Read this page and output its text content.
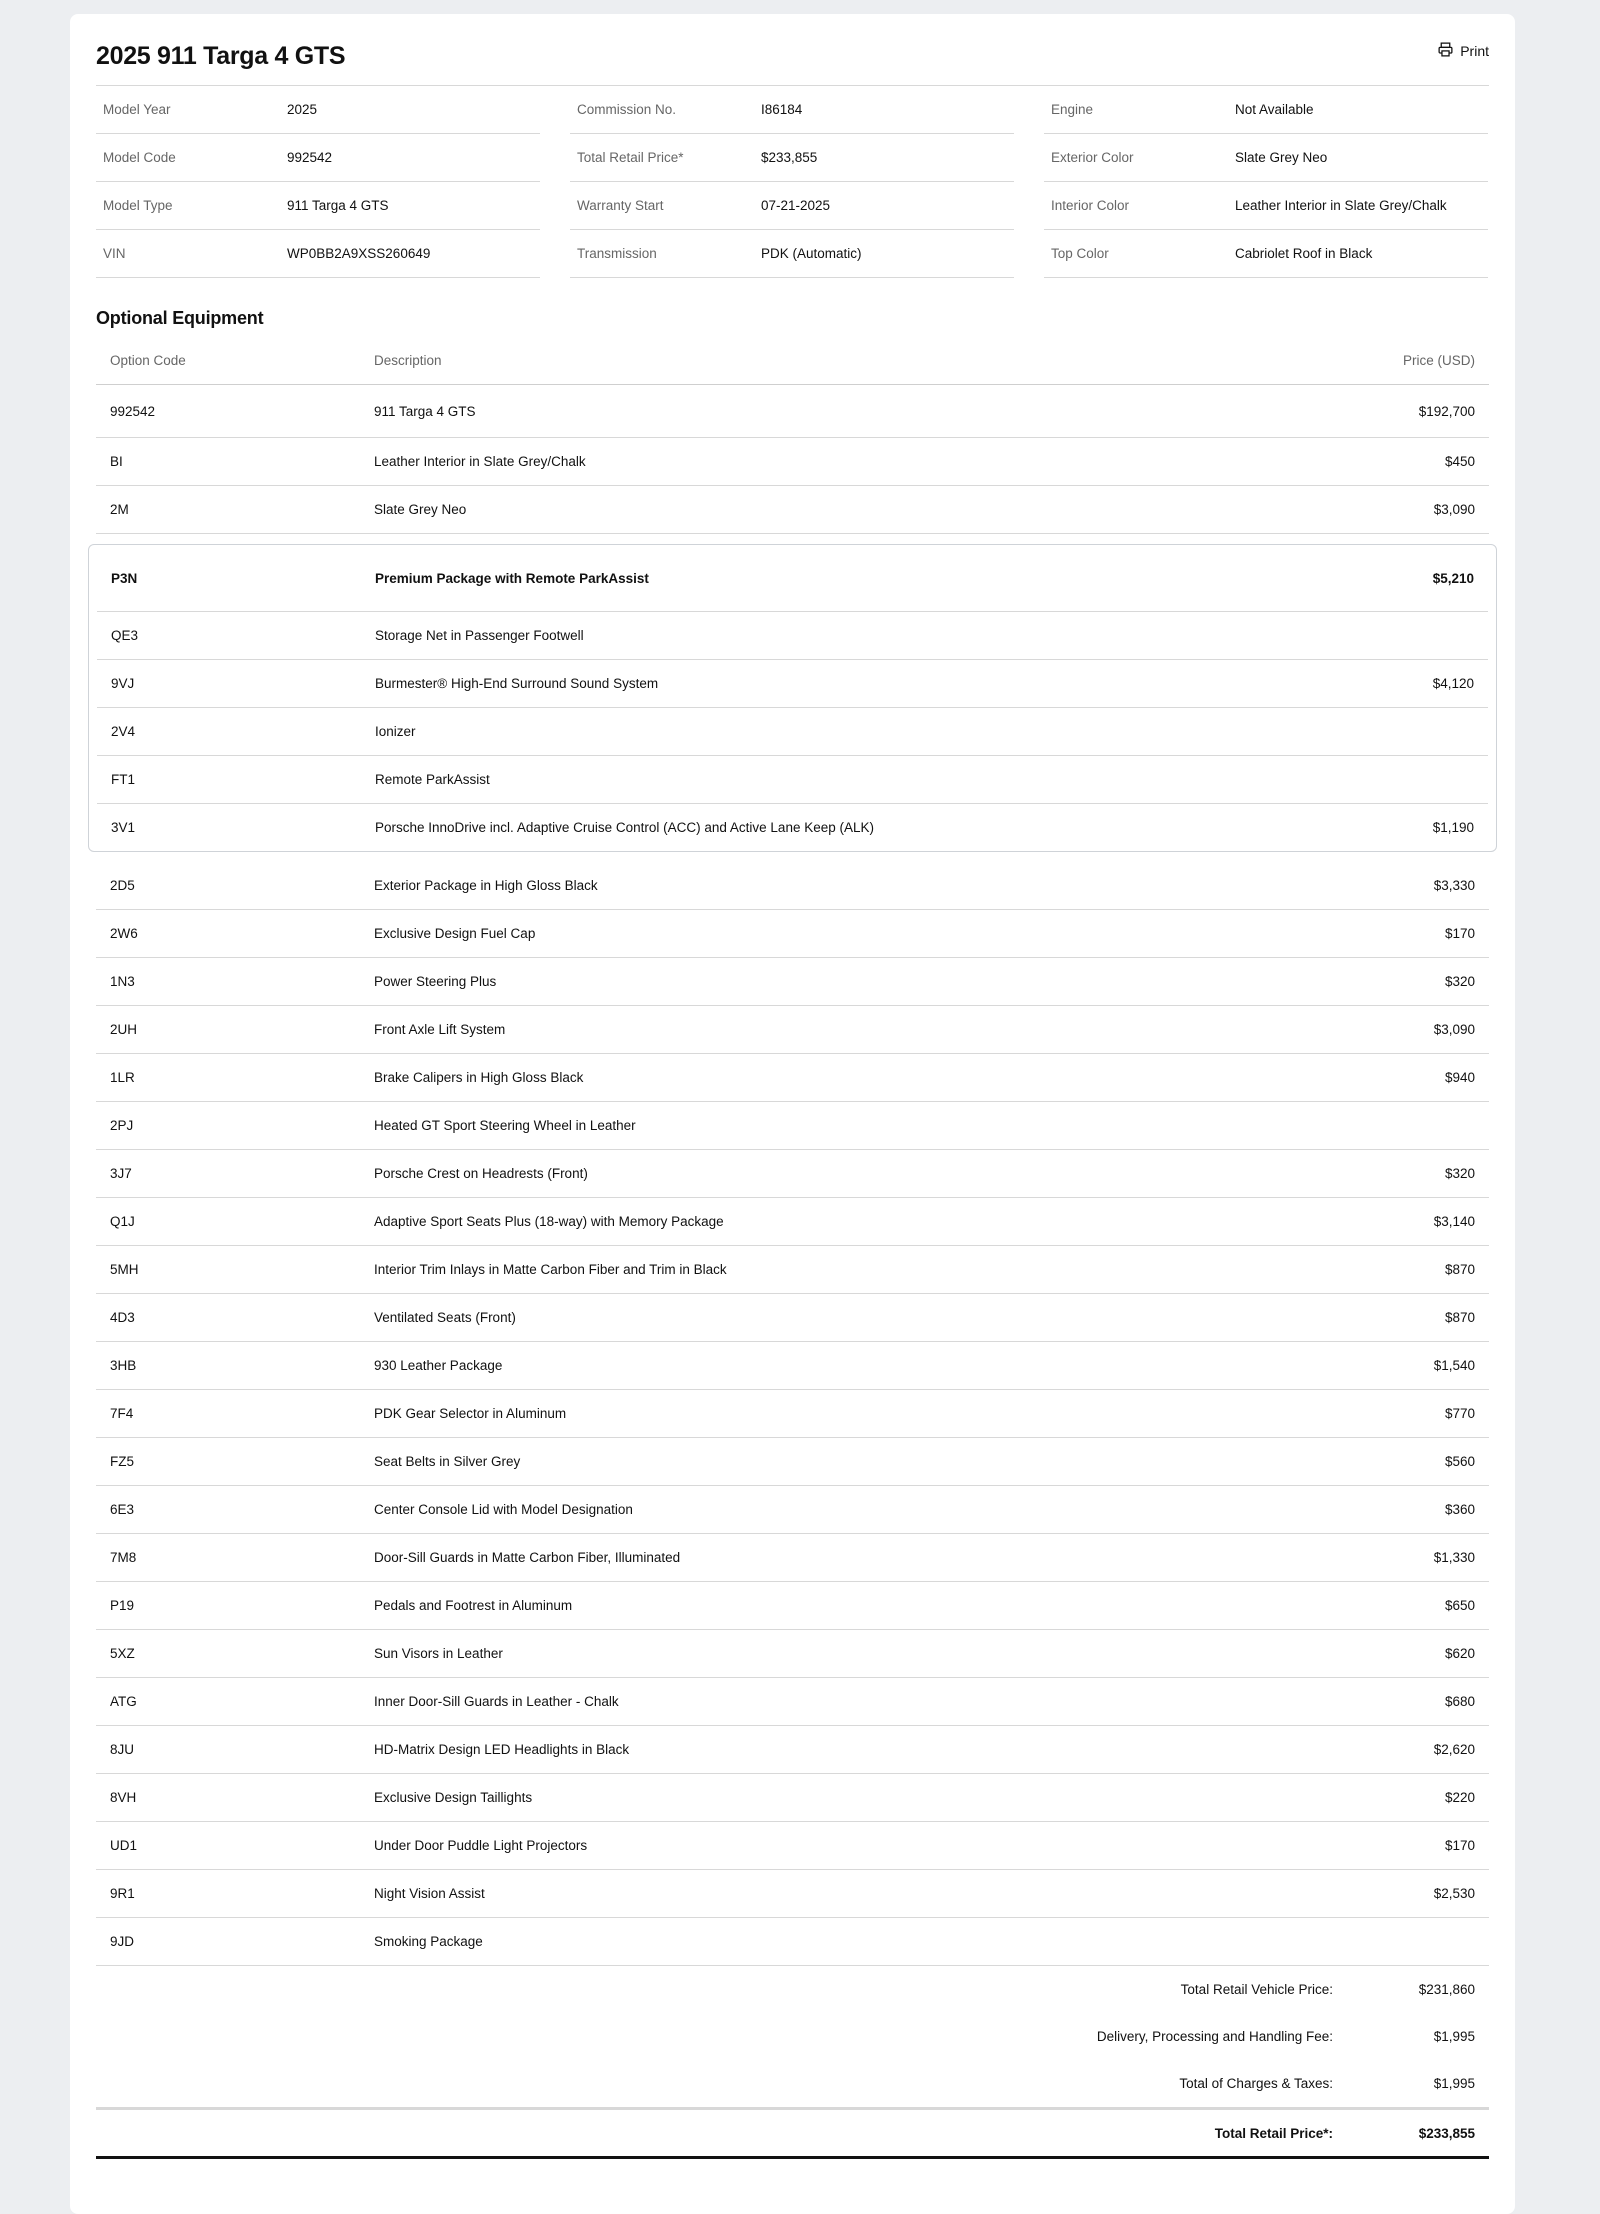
2025 911 Targa 4 GTS	Print
Model Year	2025
Model Code	992542
Model Type	911 Targa 4 GTS
VIN	WP0BB2A9XSS260649
Commission No.	I86184
Total Retail Price*	$233,855
Warranty Start	07-21-2025
Transmission	PDK (Automatic)
Engine	Not Available
Exterior Color	Slate Grey Neo
Interior Color	Leather Interior in Slate Grey/Chalk
Top Color	Cabriolet Roof in Black
Optional Equipment
Option Code	Description	Price (USD)
992542	911 Targa 4 GTS	$192,700
BI	Leather Interior in Slate Grey/Chalk	$450
2M	Slate Grey Neo	$3,090
P3N	Premium Package with Remote ParkAssist	$5,210
QE3	Storage Net in Passenger Footwell
9VJ	Burmester® High-End Surround Sound System	$4,120
2V4	Ionizer
FT1	Remote ParkAssist
3V1	Porsche InnoDrive incl. Adaptive Cruise Control (ACC) and Active Lane Keep (ALK)	$1,190
2D5	Exterior Package in High Gloss Black	$3,330
2W6	Exclusive Design Fuel Cap	$170
1N3	Power Steering Plus	$320
2UH	Front Axle Lift System	$3,090
1LR	Brake Calipers in High Gloss Black	$940
2PJ	Heated GT Sport Steering Wheel in Leather
3J7	Porsche Crest on Headrests (Front)	$320
Q1J	Adaptive Sport Seats Plus (18-way) with Memory Package	$3,140
5MH	Interior Trim Inlays in Matte Carbon Fiber and Trim in Black	$870
4D3	Ventilated Seats (Front)	$870
3HB	930 Leather Package	$1,540
7F4	PDK Gear Selector in Aluminum	$770
FZ5	Seat Belts in Silver Grey	$560
6E3	Center Console Lid with Model Designation	$360
7M8	Door-Sill Guards in Matte Carbon Fiber, Illuminated	$1,330
P19	Pedals and Footrest in Aluminum	$650
5XZ	Sun Visors in Leather	$620
ATG	Inner Door-Sill Guards in Leather - Chalk	$680
8JU	HD-Matrix Design LED Headlights in Black	$2,620
8VH	Exclusive Design Taillights	$220
UD1	Under Door Puddle Light Projectors	$170
9R1	Night Vision Assist	$2,530
9JD	Smoking Package
Total Retail Vehicle Price:	$231,860
Delivery, Processing and Handling Fee:	$1,995
Total of Charges & Taxes:	$1,995
Total Retail Price*:	$233,855
